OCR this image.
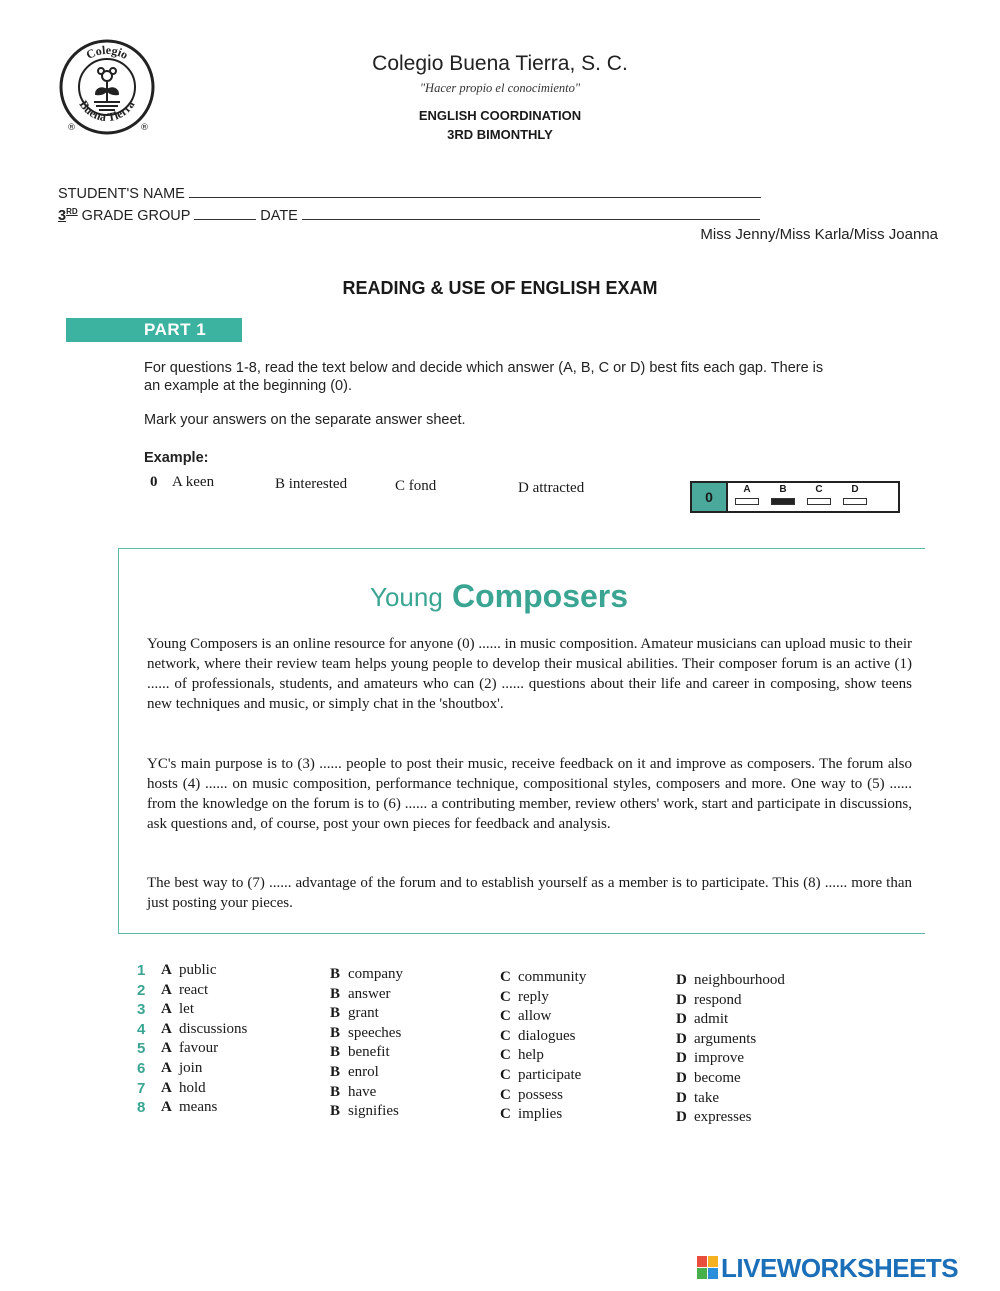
Colegio
Buena Tierra
®	®
Colegio Buena Tierra, S. C.
"Hacer propio el conocimiento"
ENGLISH COORDINATION
3RD BIMONTHLY
STUDENT'S NAME
3RD GRADE GROUP	DATE
Miss Jenny/Miss Karla/Miss Joanna
READING & USE OF ENGLISH EXAM
PART 1
For questions 1-8, read the text below and decide which answer (A, B, C or D) best fits each gap. There is
an example at the beginning (0).
Mark your answers on the separate answer sheet.
Example:
0 A keen	B interested	C fond	D attracted
0	A	B	C	D
Young Composers
Young Composers is an online resource for anyone (0) ...... in music composition. Amateur musicians can upload music to their network, where their review team helps young people to develop their musical abilities. Their composer forum is an active (1) ...... of professionals, students, and amateurs who can (2) ...... questions about their life and career in composing, show teens new techniques and music, or simply chat in the 'shoutbox'.
YC's main purpose is to (3) ...... people to post their music, receive feedback on it and improve as composers. The forum also hosts (4) ...... on music composition, performance technique, compositional styles, composers and more. One way to (5) ...... from the knowledge on the forum is to (6) ...... a contributing member, review others' work, start and participate in discussions, ask questions and, of course, post your own pieces for feedback and analysis.
The best way to (7) ...... advantage of the forum and to establish yourself as a member is to participate. This (8) ...... more than just posting your pieces.
1 A public	B company	C community	D neighbourhood
2 A react	B answer	C reply	D respond
3 A let	B grant	C allow	D admit
4 A discussions	B speeches	C dialogues	D arguments
5 A favour	B benefit	C help	D improve
6 A join	B enrol	C participate	D become
7 A hold	B have	C possess	D take
8 A means	B signifies	C implies	D expresses
LIVEWORKSHEETS
